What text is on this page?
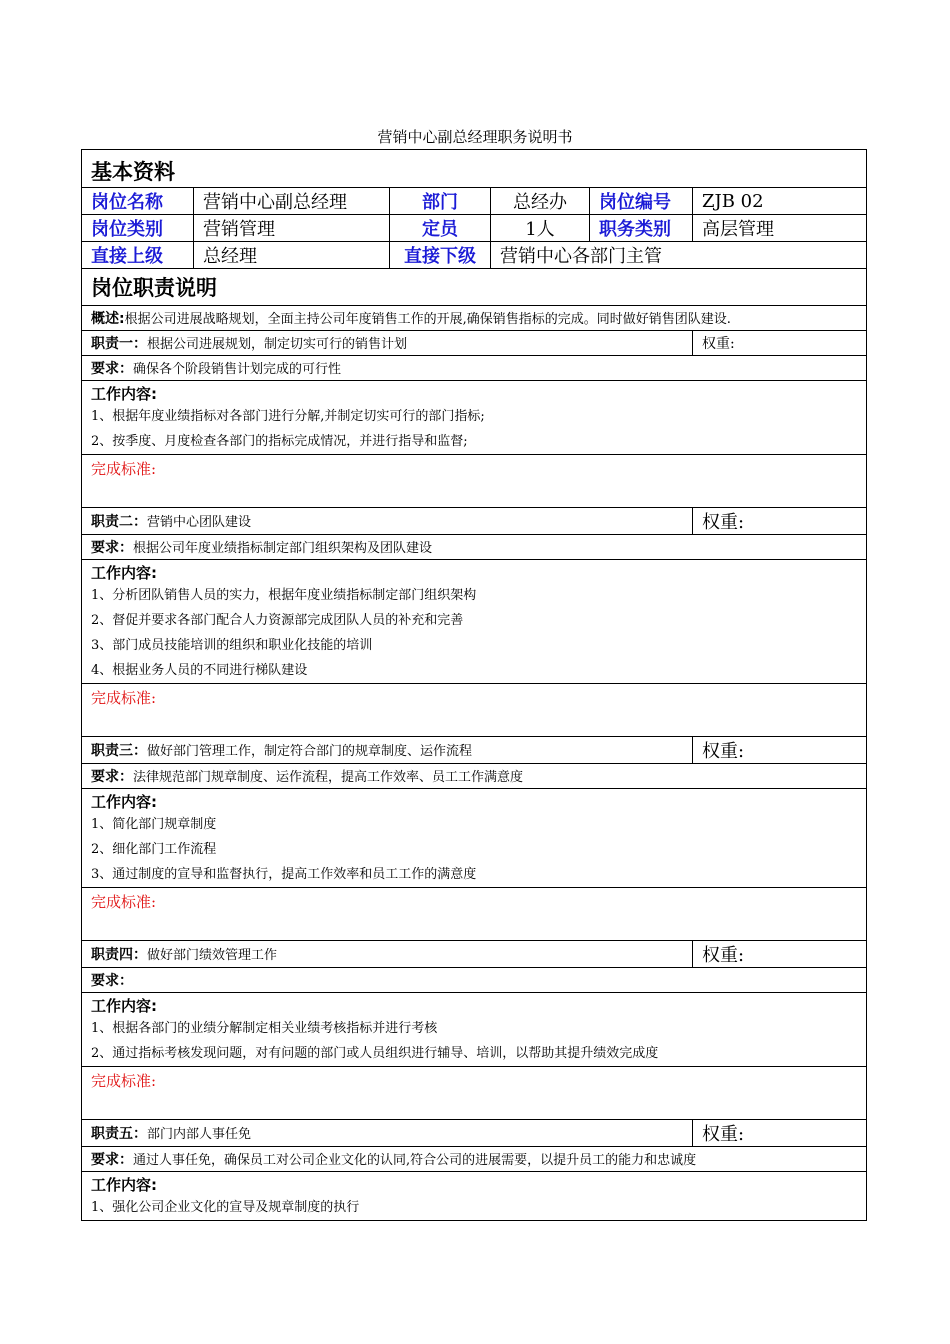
营销中心副总经理职务说明书
基本资料					
岗位名称	营销中心副总经理	部门	总经办	岗位编号	ZJB 02
岗位类别	营销管理	定员	1人	职务类别	高层管理
直接上级	总经理	直接下级	营销中心各部门主管		
岗位职责说明					
概述:根据公司进展战略规划，全面主持公司年度销售工作的开展,确保销售指标的完成。同时做好销售团队建设.					
职责一：根据公司进展规划，制定切实可行的销售计划					权重:
要求：确保各个阶段销售计划完成的可行性					

工作内容:
1、根据年度业绩指标对各部门进行分解,并制定切实可行的部门指标;
2、按季度、月度检查各部门的指标完成情况，并进行指导和监督;					

完成标准:					
职责二：营销中心团队建设					权重:
要求：根据公司年度业绩指标制定部门组织架构及团队建设					

工作内容:
1、分析团队销售人员的实力，根据年度业绩指标制定部门组织架构
2、督促并要求各部门配合人力资源部完成团队人员的补充和完善
3、部门成员技能培训的组织和职业化技能的培训
4、根据业务人员的不同进行梯队建设					

完成标准:					
职责三：做好部门管理工作，制定符合部门的规章制度、运作流程					权重:
要求：法律规范部门规章制度、运作流程，提高工作效率、员工工作满意度					

工作内容:
1、简化部门规章制度
2、细化部门工作流程
3、通过制度的宣导和监督执行，提高工作效率和员工工作的满意度					

完成标准:					
职责四：做好部门绩效管理工作					权重:
要求：					

工作内容:
1、根据各部门的业绩分解制定相关业绩考核指标并进行考核
2、通过指标考核发现问题，对有问题的部门或人员组织进行辅导、培训，以帮助其提升绩效完成度					

完成标准:					
职责五：部门内部人事任免					权重:
要求：通过人事任免，确保员工对公司企业文化的认同,符合公司的进展需要，以提升员工的能力和忠诚度					

工作内容:
1、强化公司企业文化的宣导及规章制度的执行					
